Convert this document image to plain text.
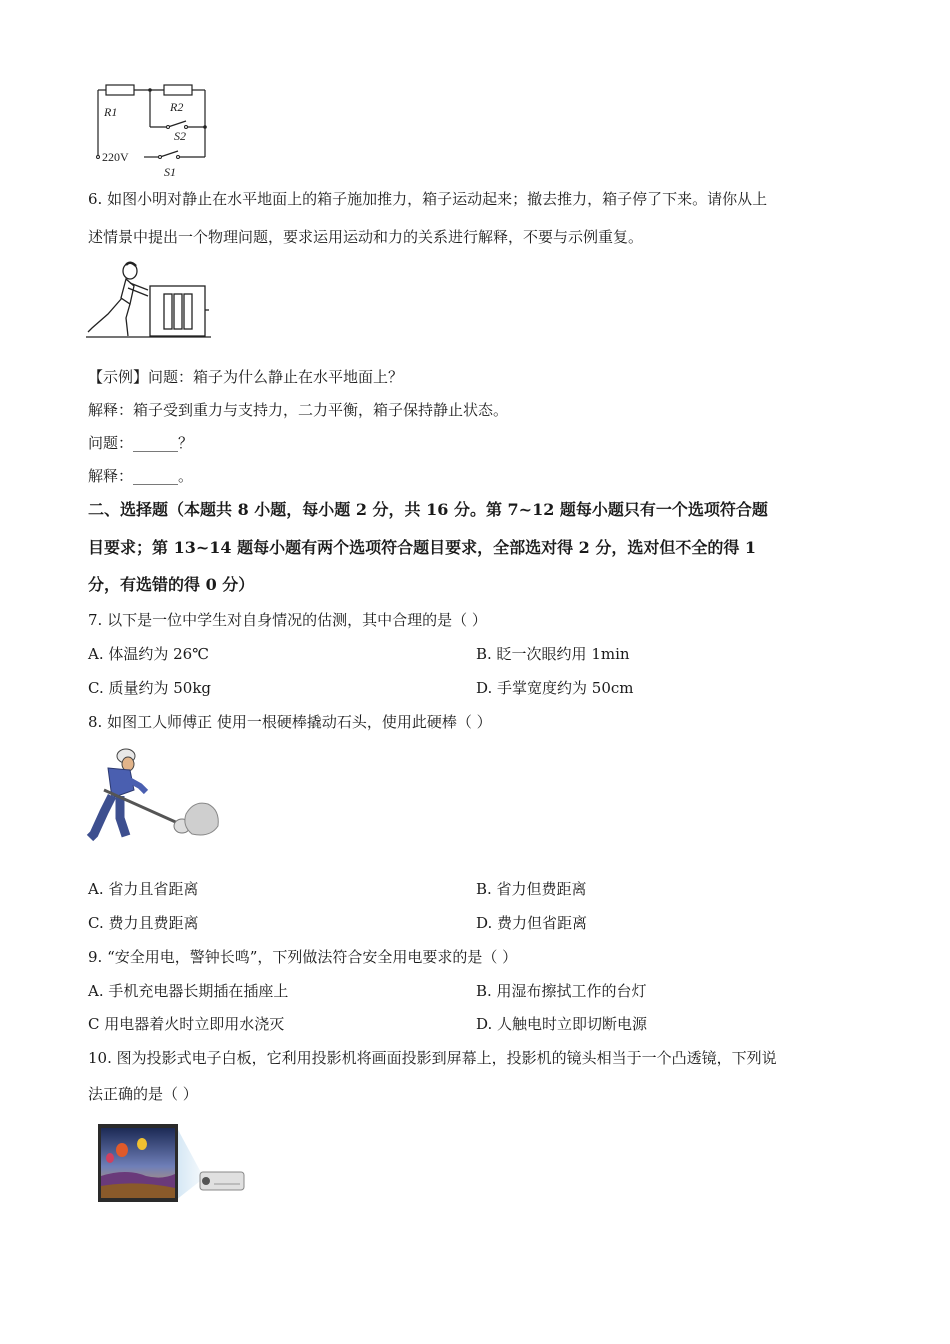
R1	R2
S2
220V
S1
6. 如图小明对静止在水平地面上的箱子施加推力，箱子运动起来；撤去推力，箱子停了下来。请你从上
述情景中提出一个物理问题，要求运用运动和力的关系进行解释，不要与示例重复。
【示例】问题：箱子为什么静止在水平地面上？
解释：箱子受到重力与支持力，二力平衡，箱子保持静止状态。
问题：______？
解释：______。
二、选择题（本题共 8 小题，每小题 2 分，共 16 分。第 7~12 题每小题只有一个选项符合题
目要求；第 13~14 题每小题有两个选项符合题目要求，全部选对得 2 分，选对但不全的得 1
分，有选错的得 0 分）
7. 以下是一位中学生对自身情况的估测，其中合理的是（ ）
A. 体温约为 26℃	B. 眨一次眼约用 1min
C. 质量约为 50kg	D. 手掌宽度约为 50cm
8. 如图工人师傅正 使用一根硬棒撬动石头，使用此硬棒（ ）
A. 省力且省距离	B. 省力但费距离
C. 费力且费距离	D. 费力但省距离
9. “安全用电，警钟长鸣”，下列做法符合安全用电要求的是（ ）
A. 手机充电器长期插在插座上	B. 用湿布擦拭工作的台灯
C 用电器着火时立即用水浇灭	D. 人触电时立即切断电源
10. 图为投影式电子白板，它利用投影机将画面投影到屏幕上，投影机的镜头相当于一个凸透镜，下列说
法正确的是（ ）
